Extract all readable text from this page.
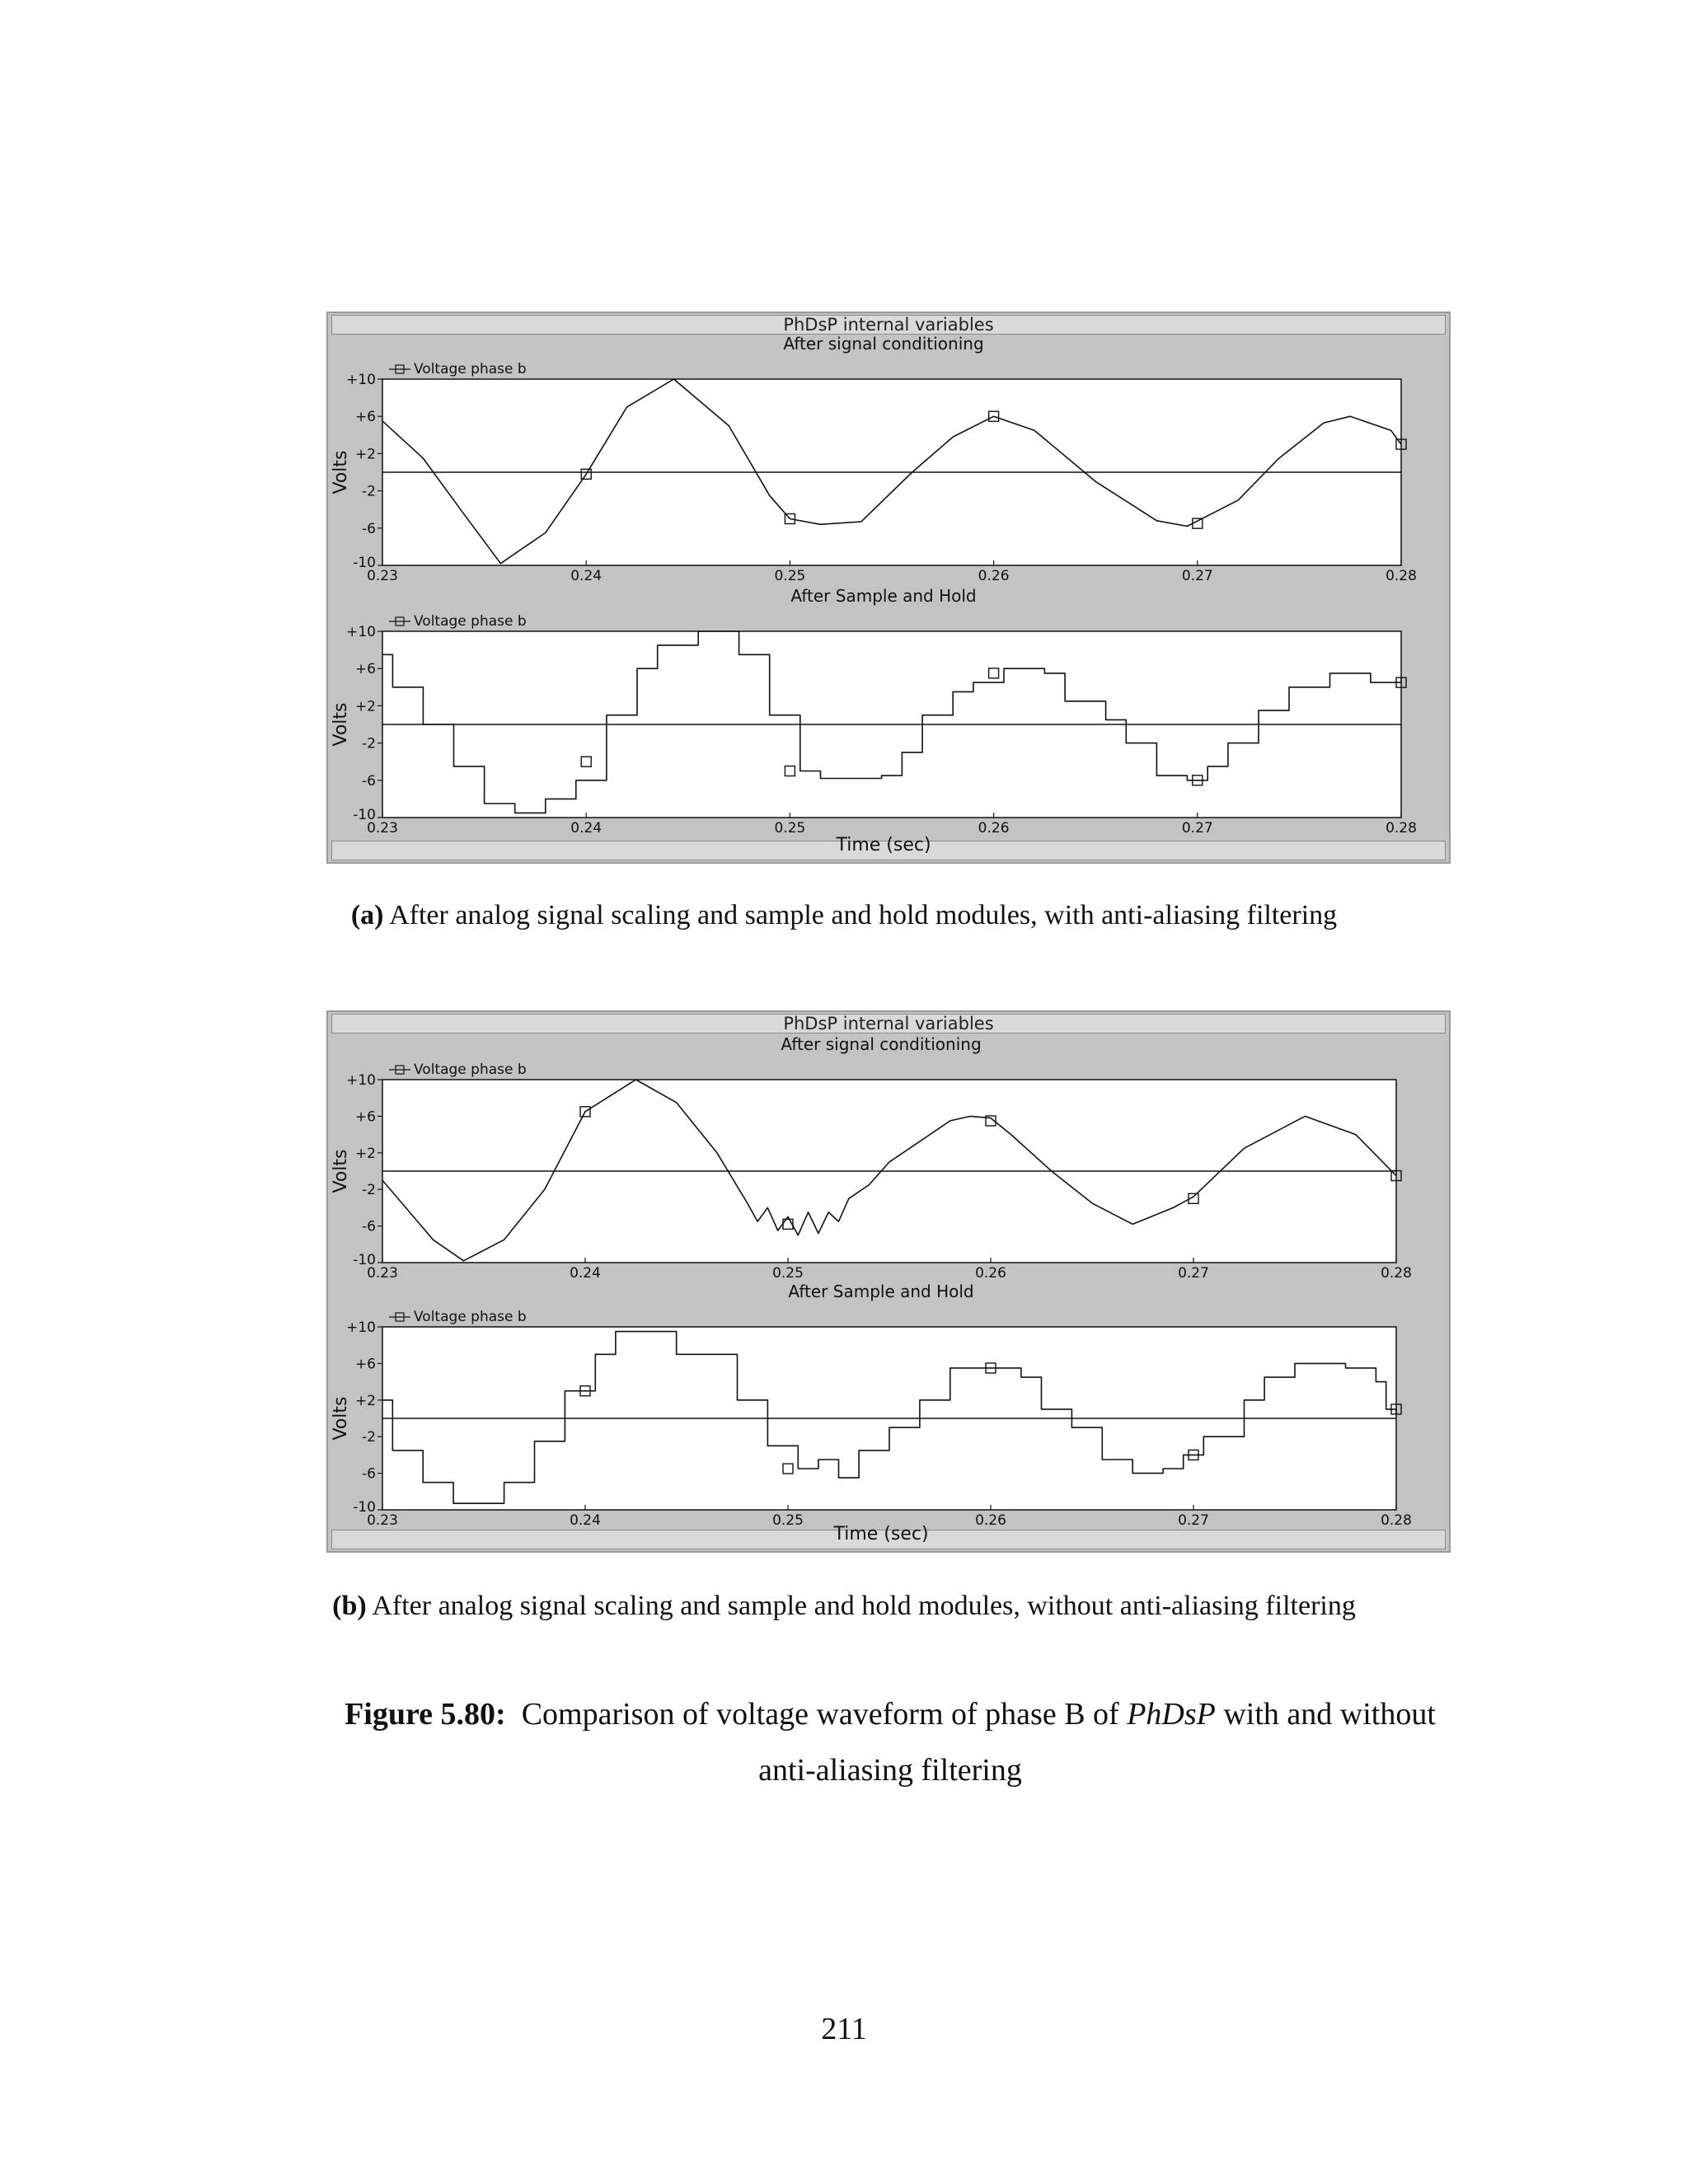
PhDsP internal variables
After signal conditioning
Volts
+10
+6
+2
-2
-6
-10
0.23	0.24	0.25	0.26	0.27	0.28
Voltage phase b
After Sample and Hold
Volts
+10
+6
+2
-2
-6
-10
0.23	0.24	0.25	0.26	0.27	0.28
Voltage phase b
Time (sec)
(a) After analog signal scaling and sample and hold modules, with anti-aliasing filtering
PhDsP internal variables
After signal conditioning
Volts
+10
+6
+2
-2
-6
-10
0.23	0.24	0.25	0.26	0.27	0.28
Voltage phase b
After Sample and Hold
Volts
+10
+6
+2
-2
-6
-10
0.23	0.24	0.25	0.26	0.27	0.28
Voltage phase b
Time (sec)
(b) After analog signal scaling and sample and hold modules, without anti-aliasing filtering
Figure 5.80: Comparison of voltage waveform of phase B of PhDsP with and without
anti-aliasing filtering
211
